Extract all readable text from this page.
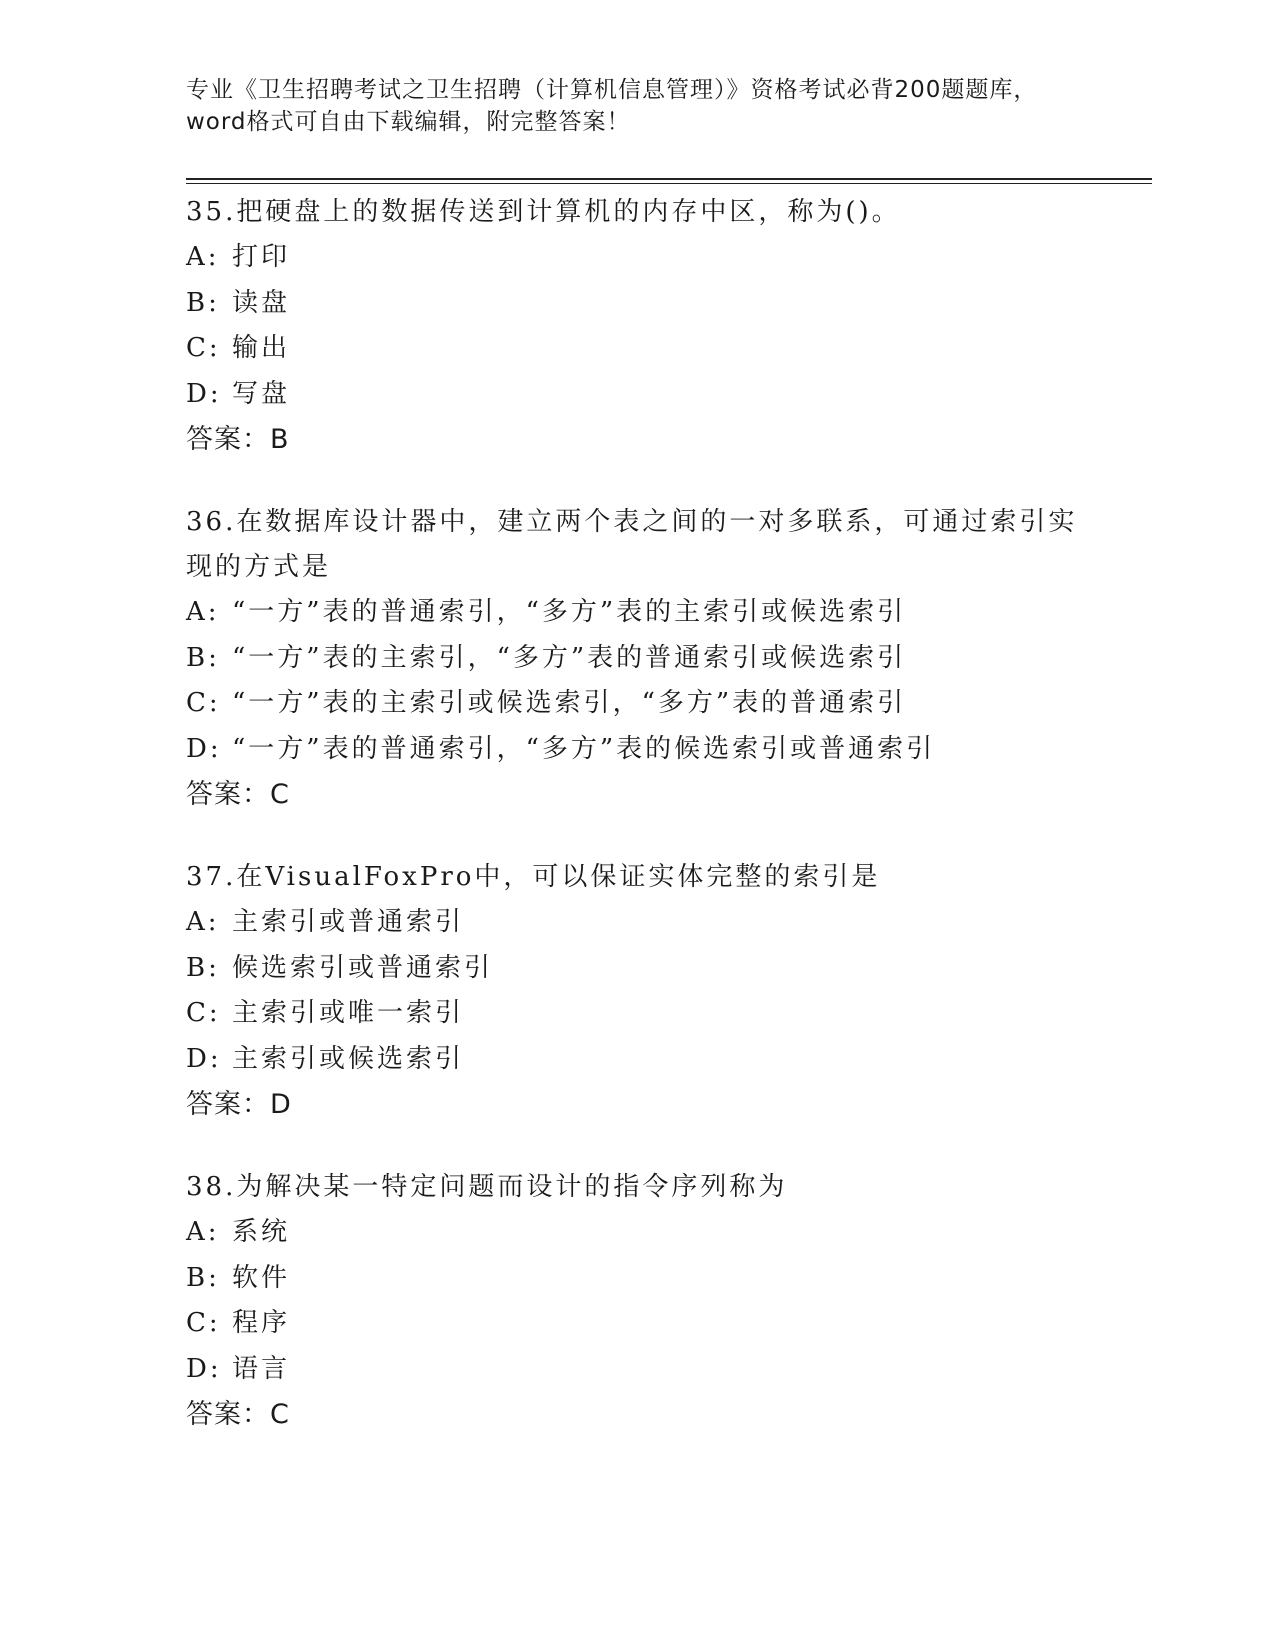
专业《卫生招聘考试之卫生招聘（计算机信息管理）》资格考试必背200题题库，
word格式可自由下载编辑，附完整答案！
35.把硬盘上的数据传送到计算机的内存中区，称为()。
A: 打印
B: 读盘
C: 输出
D: 写盘
答案：B
36.在数据库设计器中，建立两个表之间的一对多联系，可通过索引实现的方式是
A: “一方”表的普通索引，“多方”表的主索引或候选索引
B: “一方”表的主索引，“多方”表的普通索引或候选索引
C: “一方”表的主索引或候选索引，“多方”表的普通索引
D: “一方”表的普通索引，“多方”表的候选索引或普通索引
答案：C
37.在VisualFoxPro中，可以保证实体完整的索引是
A: 主索引或普通索引
B: 候选索引或普通索引
C: 主索引或唯一索引
D: 主索引或候选索引
答案：D
38.为解决某一特定问题而设计的指令序列称为
A: 系统
B: 软件
C: 程序
D: 语言
答案：C
